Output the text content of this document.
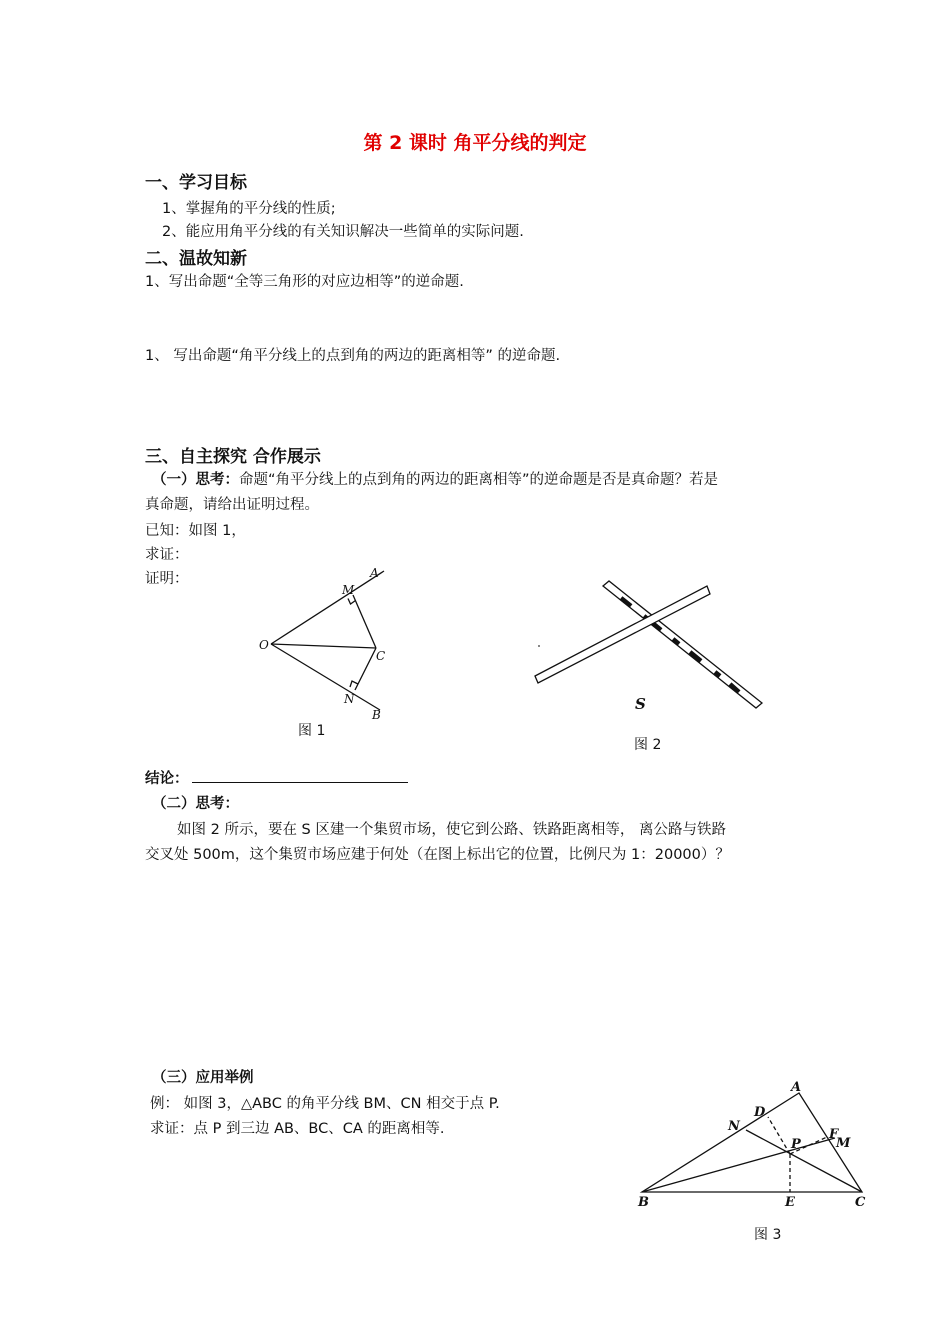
第 2 课时 角平分线的判定
一、学习目标
1、掌握角的平分线的性质;
2、能应用角平分线的有关知识解决一些简单的实际问题.
二、温故知新
1、写出命题“全等三角形的对应边相等”的逆命题.
1、 写出命题“角平分线上的点到角的两边的距离相等” 的逆命题.
三、自主探究 合作展示
（一）思考：命题“角平分线上的点到角的两边的距离相等”的逆命题是否是真命题？若是
真命题，请给出证明过程。
已知：如图 1，
求证：
证明：	A
M
O
C
N
B
图 1
S
图 2
结论：
（二）思考：
如图 2 所示，要在 S 区建一个集贸市场，使它到公路、铁路距离相等， 离公路与铁路
交叉处 500m，这个集贸市场应建于何处（在图上标出它的位置，比例尺为 1：20000）？
（三）应用举例
例： 如图 3，△ABC 的角平分线 BM、CN 相交于点 P.
求证：点 P 到三边 AB、BC、CA 的距离相等.
A
D
N
P
F
M
B	E	C
图 3
